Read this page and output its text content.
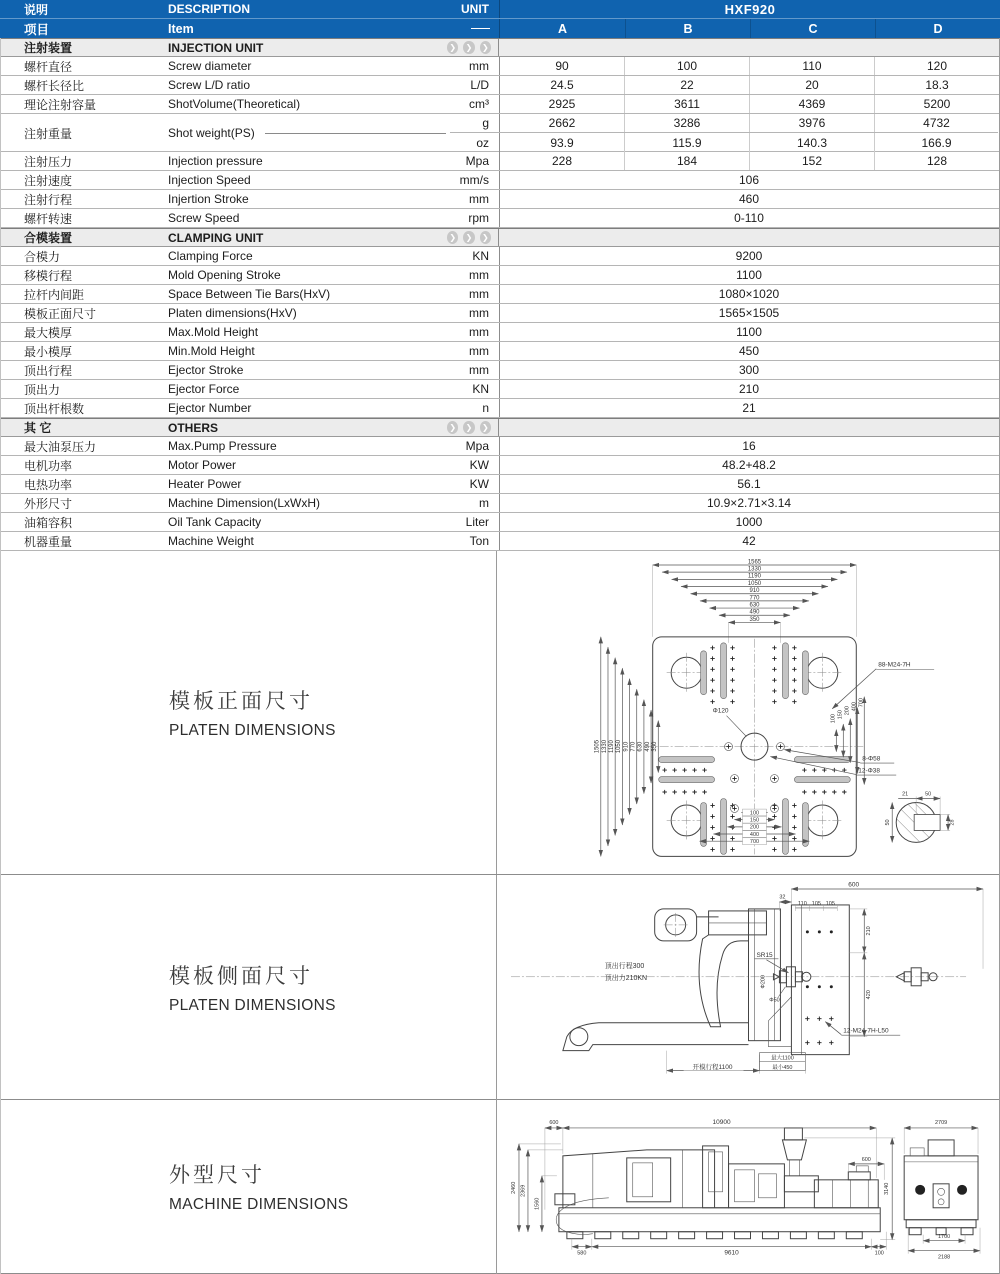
说明	DESCRIPTION	UNIT	HXF920
项目	Item	——	A	B	C	D
注射装置	INJECTION UNIT	❯ ❯ ❯
螺杆直径	Screw diameter	mm	90	100	110	120
螺杆长径比	Screw L/D ratio	L/D	24.5	22	20	18.3
理论注射容量	ShotVolume(Theoretical)	cm³	2925	3611	4369	5200
注射重量	Shot weight(PS)
g	2662	3286	3976	4732
oz	93.9	115.9	140.3	166.9
注射压力	Injection pressure	Mpa	228	184	152	128
注射速度	Injection Speed	mm/s	106
注射行程	Injertion Stroke	mm	460
螺杆转速	Screw Speed	rpm	0-110
合模装置	CLAMPING UNIT	❯ ❯ ❯
合模力	Clamping Force	KN	9200
移模行程	Mold Opening Stroke	mm	1100
拉杆内间距	Space Between Tie Bars(HxV)	mm	1080×1020
模板正面尺寸	Platen dimensions(HxV)	mm	1565×1505
最大模厚	Max.Mold Height	mm	1100
最小模厚	Min.Mold Height	mm	450
顶出行程	Ejector Stroke	mm	300
顶出力	Ejector Force	KN	210
顶出杆根数	Ejector Number	n	21
其 它	OTHERS	❯ ❯ ❯
最大油泵压力	Max.Pump Pressure	Mpa	16
电机功率	Motor Power	KW	48.2+48.2
电热功率	Heater Power	KW	56.1
外形尺寸	Machine Dimension(LxWxH)	m	10.9×2.71×3.14
油箱容积	Oil Tank Capacity	Liter	1000
机器重量	Machine Weight	Ton	42
模板正面尺寸
PLATEN DIMENSIONS
1565
1330
1190
1050
910
770
630
490
350
1505 1330 1190 1050 910 770 630 490 350
Φ120
88-M24-7H
8-Φ58
12-Φ38
100 150 200 400 700
100
150
200
400
700
50
21
50	28
模板侧面尺寸
PLATEN DIMENSIONS
600
32
110 105 105
210
420
SR15
Φ200
Φ50
顶出行程300
顶出力210KN
12-M24-7H-L50
开模行程1100
最大1100
最小450
外型尺寸
MACHINE DIMENSIONS
600	10900	2709
3140
600
2460 2369
1560
580	9610	100
1700
2188
